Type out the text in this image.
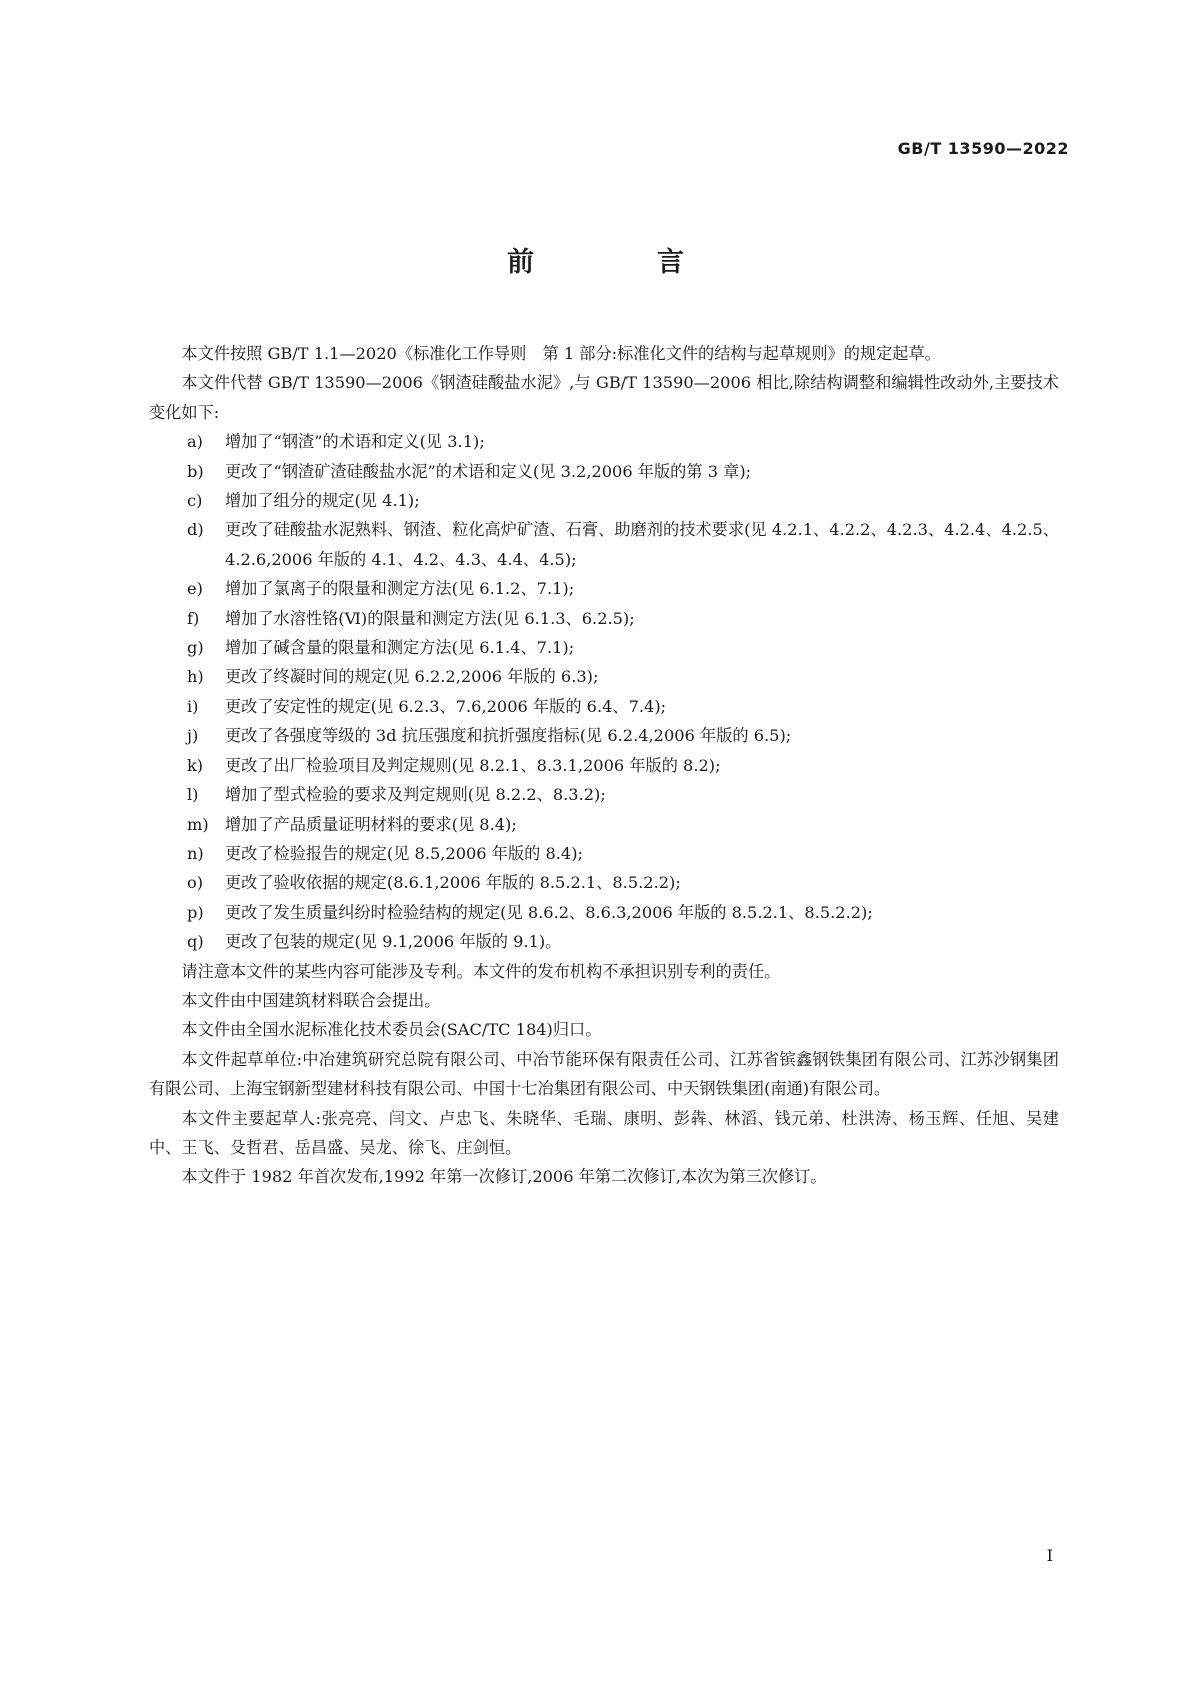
GB/T 13590—2022
前　言

本文件按照 GB/T 1.1—2020《标准化工作导则　第 1 部分:标准化文件的结构与起草规则》的规定起草。

本文件代替 GB/T 13590—2006《钢渣硅酸盐水泥》,与 GB/T 13590—2006 相比,除结构调整和编辑性改动外,主要技术变化如下:

a) 增加了“钢渣”的术语和定义(见 3.1);
b) 更改了“钢渣矿渣硅酸盐水泥”的术语和定义(见 3.2,2006 年版的第 3 章);
c) 增加了组分的规定(见 4.1);
d) 更改了硅酸盐水泥熟料、钢渣、粒化高炉矿渣、石膏、助磨剂的技术要求(见 4.2.1、4.2.2、4.2.3、4.2.4、4.2.5、4.2.6,2006 年版的 4.1、4.2、4.3、4.4、4.5);
e) 增加了氯离子的限量和测定方法(见 6.1.2、7.1);
f) 增加了水溶性铬(Ⅵ)的限量和测定方法(见 6.1.3、6.2.5);
g) 增加了碱含量的限量和测定方法(见 6.1.4、7.1);
h) 更改了终凝时间的规定(见 6.2.2,2006 年版的 6.3);
i) 更改了安定性的规定(见 6.2.3、7.6,2006 年版的 6.4、7.4);
j) 更改了各强度等级的 3d 抗压强度和抗折强度指标(见 6.2.4,2006 年版的 6.5);
k) 更改了出厂检验项目及判定规则(见 8.2.1、8.3.1,2006 年版的 8.2);
l) 增加了型式检验的要求及判定规则(见 8.2.2、8.3.2);
m) 增加了产品质量证明材料的要求(见 8.4);
n) 更改了检验报告的规定(见 8.5,2006 年版的 8.4);
o) 更改了验收依据的规定(8.6.1,2006 年版的 8.5.2.1、8.5.2.2);
p) 更改了发生质量纠纷时检验结构的规定(见 8.6.2、8.6.3,2006 年版的 8.5.2.1、8.5.2.2);
q) 更改了包装的规定(见 9.1,2006 年版的 9.1)。

请注意本文件的某些内容可能涉及专利。本文件的发布机构不承担识别专利的责任。

本文件由中国建筑材料联合会提出。

本文件由全国水泥标准化技术委员会(SAC/TC 184)归口。

本文件起草单位:中冶建筑研究总院有限公司、中冶节能环保有限责任公司、江苏省镔鑫钢铁集团有限公司、江苏沙钢集团有限公司、上海宝钢新型建材科技有限公司、中国十七冶集团有限公司、中天钢铁集团(南通)有限公司。

本文件主要起草人:张亮亮、闫文、卢忠飞、朱晓华、毛瑞、康明、彭犇、林滔、钱元弟、杜洪涛、杨玉辉、任旭、吴建中、王飞、殳哲君、岳昌盛、吴龙、徐飞、庄剑恒。

本文件于 1982 年首次发布,1992 年第一次修订,2006 年第二次修订,本次为第三次修订。

Ⅰ
